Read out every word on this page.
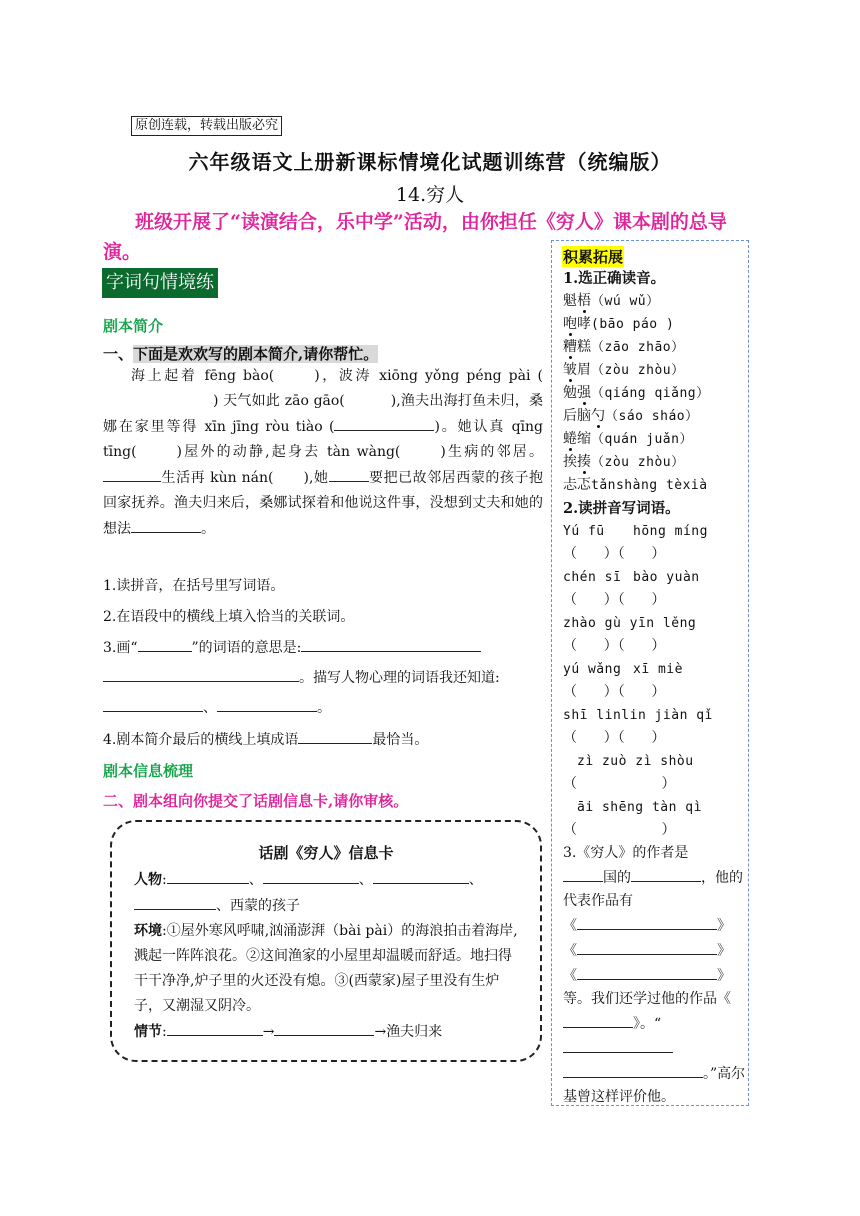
原创连载，转载出版必究
六年级语文上册新课标情境化试题训练营（统编版）
14.穷人
班级开展了“读演结合，乐中学”活动，由你担任《穷人》课本剧的总导演。
字词句情境练
剧本简介
一、下面是欢欢写的剧本简介,请你帮忙。

海上起着 fēng bào(	)，波涛 xiōng yǒng péng pài () 天气如此 zāo gāo(	),渔夫出海打鱼未归，桑娜在家里等得 xīn jīng ròu tiào (	)。她认真 qīng tīng(	)屋外的动静,起身去 tàn wàng(	)生病的邻居。生活再 kùn nán( ),她	要把已故邻居西蒙的孩子抱回家抚养。渔夫归来后，桑娜试探着和他说这件事，没想到丈夫和她的想法	。

1.读拼音，在括号里写词语。
2.在语段中的横线上填入恰当的关联词。
3.画“	”的词语的意思是:
。描写人物心理的词语我还知道:、	。
4.剧本简介最后的横线上填成语	最恰当。
剧本信息梳理
二、剧本组向你提交了话剧信息卡,请你审核。
话剧《穷人》信息卡
人物:	、	、	、
、西蒙的孩子
环境:①屋外寒风呼啸,汹涌澎湃（bài pài）的海浪拍击着海岸,溅起一阵阵浪花。②这间渔家的小屋里却温暖而舒适。地扫得干干净净,炉子里的火还没有熄。③(西蒙家)屋子里没有生炉子，又潮湿又阴冷。
情节:	→	→渔夫归来
积累拓展
1.选正确读音。
魁梧（wú wǔ）
咆哮(bāo páo )
糟糕（zāo zhāo）
皱眉（zòu zhòu）
勉强（qiáng qiǎng）
后脑勺（sáo sháo）
蜷缩（quán juǎn）
挨揍（zòu zhòu）
忐忑tǎnshàng tèxià
2.读拼音写词语。
Yú fū hōng míng
（      ）（      ）
chén sī bào yuàn
（      ）（      ）
zhào gù yīn lěng
（      ）（      ）
yú wǎng xī miè
（      ）（      ）
shī linlin jiàn qǐ
（      ）（      ）
zì zuò zì shòu
（                   ）
āi shēng tàn qì
（                   ）
3.《穷人》的作者是
国的	，他的代表作品有
《	》
《	》
《	》
等。我们还学过他的作品《》。“
。”高尔基曾这样评价他。
